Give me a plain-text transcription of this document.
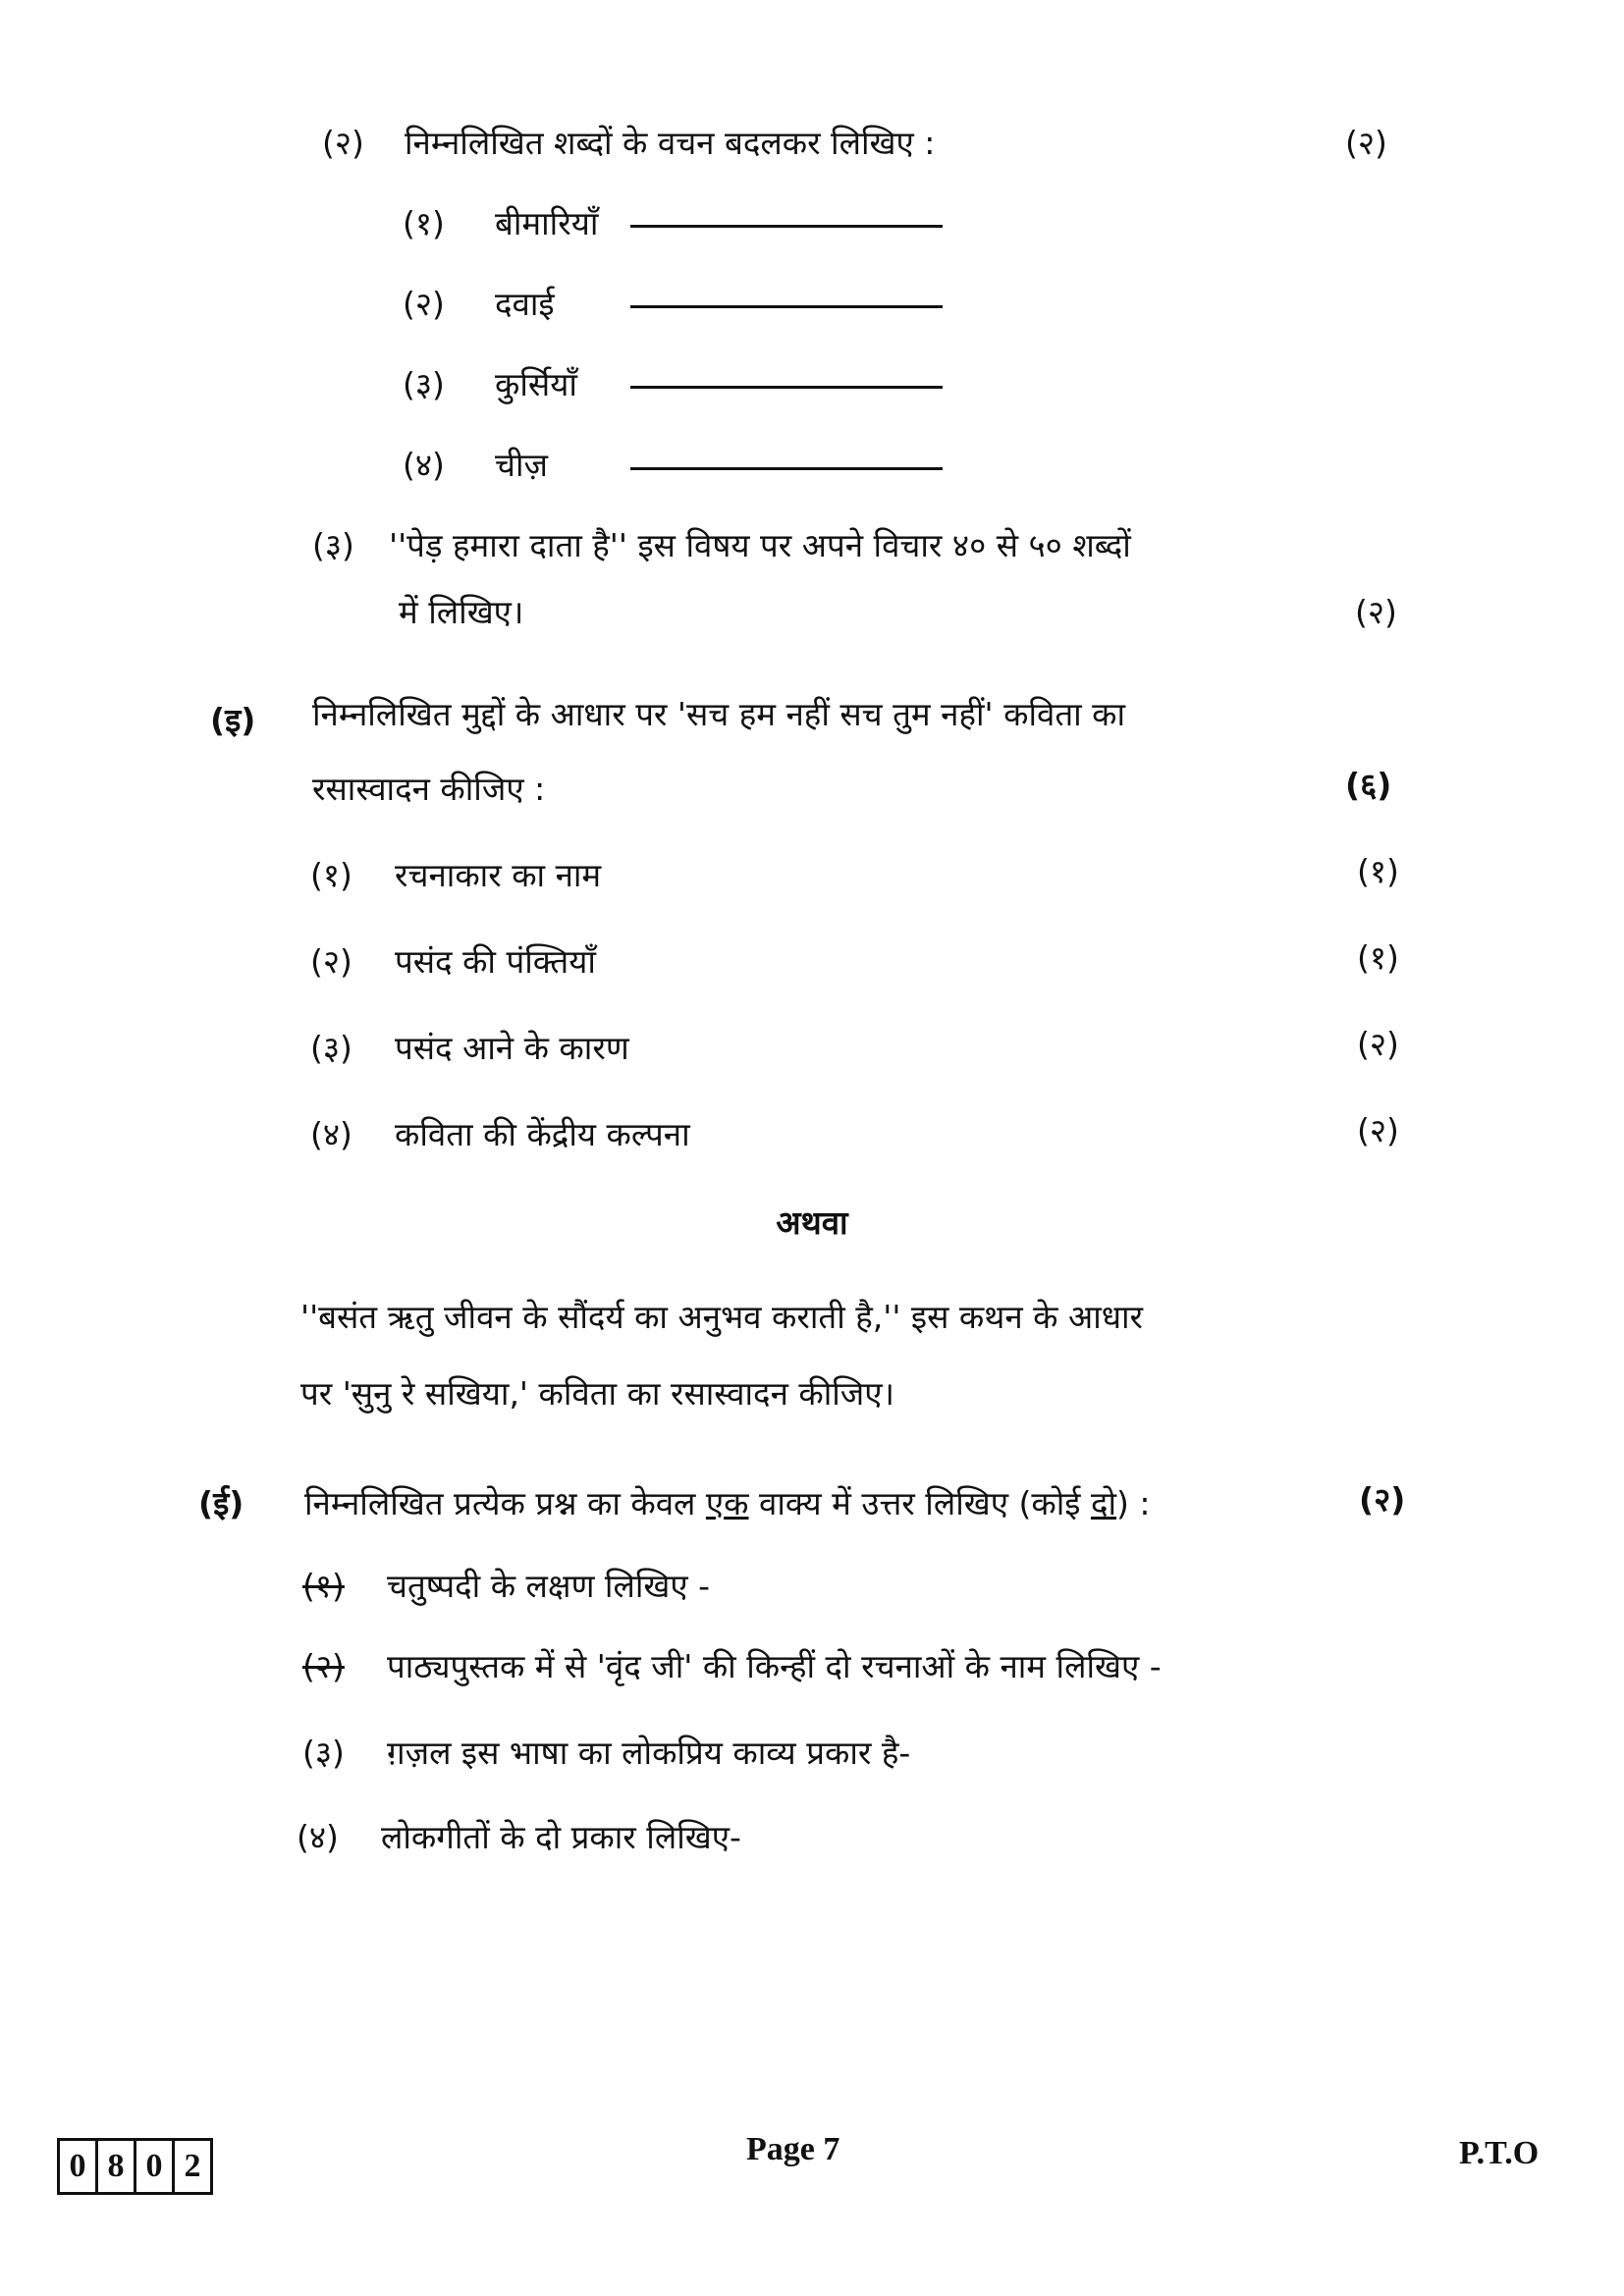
(२) निम्नलिखित शब्दों के वचन बदलकर लिखिए :	(२)
(१) बीमारियाँ
(२) दवाई
(३) कुर्सियाँ
(४) चीज़
(३) ''पेड़ हमारा दाता है'' इस विषय पर अपने विचार ४० से ५० शब्दों
में लिखिए।	(२)
(इ) निम्नलिखित मुद्दों के आधार पर 'सच हम नहीं सच तुम नहीं' कविता का
रसास्वादन कीजिए :	(६)
(१) रचनाकार का नाम	(१)
(२) पसंद की पंक्तियाँ	(१)
(३) पसंद आने के कारण	(२)
(४) कविता की केंद्रीय कल्पना	(२)
अथवा
''बसंत ऋतु जीवन के सौंदर्य का अनुभव कराती है,'' इस कथन के आधार
पर 'सुनु रे सखिया,' कविता का रसास्वादन कीजिए।
(ई) निम्नलिखित प्रत्येक प्रश्न का केवल एक वाक्य में उत्तर लिखिए (कोई दो) :	(२)
(१) चतुष्पदी के लक्षण लिखिए -
(२) पाठ्यपुस्तक में से 'वृंद जी' की किन्हीं दो रचनाओं के नाम लिखिए -
(३) ग़ज़ल इस भाषा का लोकप्रिय काव्य प्रकार है-
(४) लोकगीतों के दो प्रकार लिखिए-
0 8 0 2	Page 7	P.T.O
